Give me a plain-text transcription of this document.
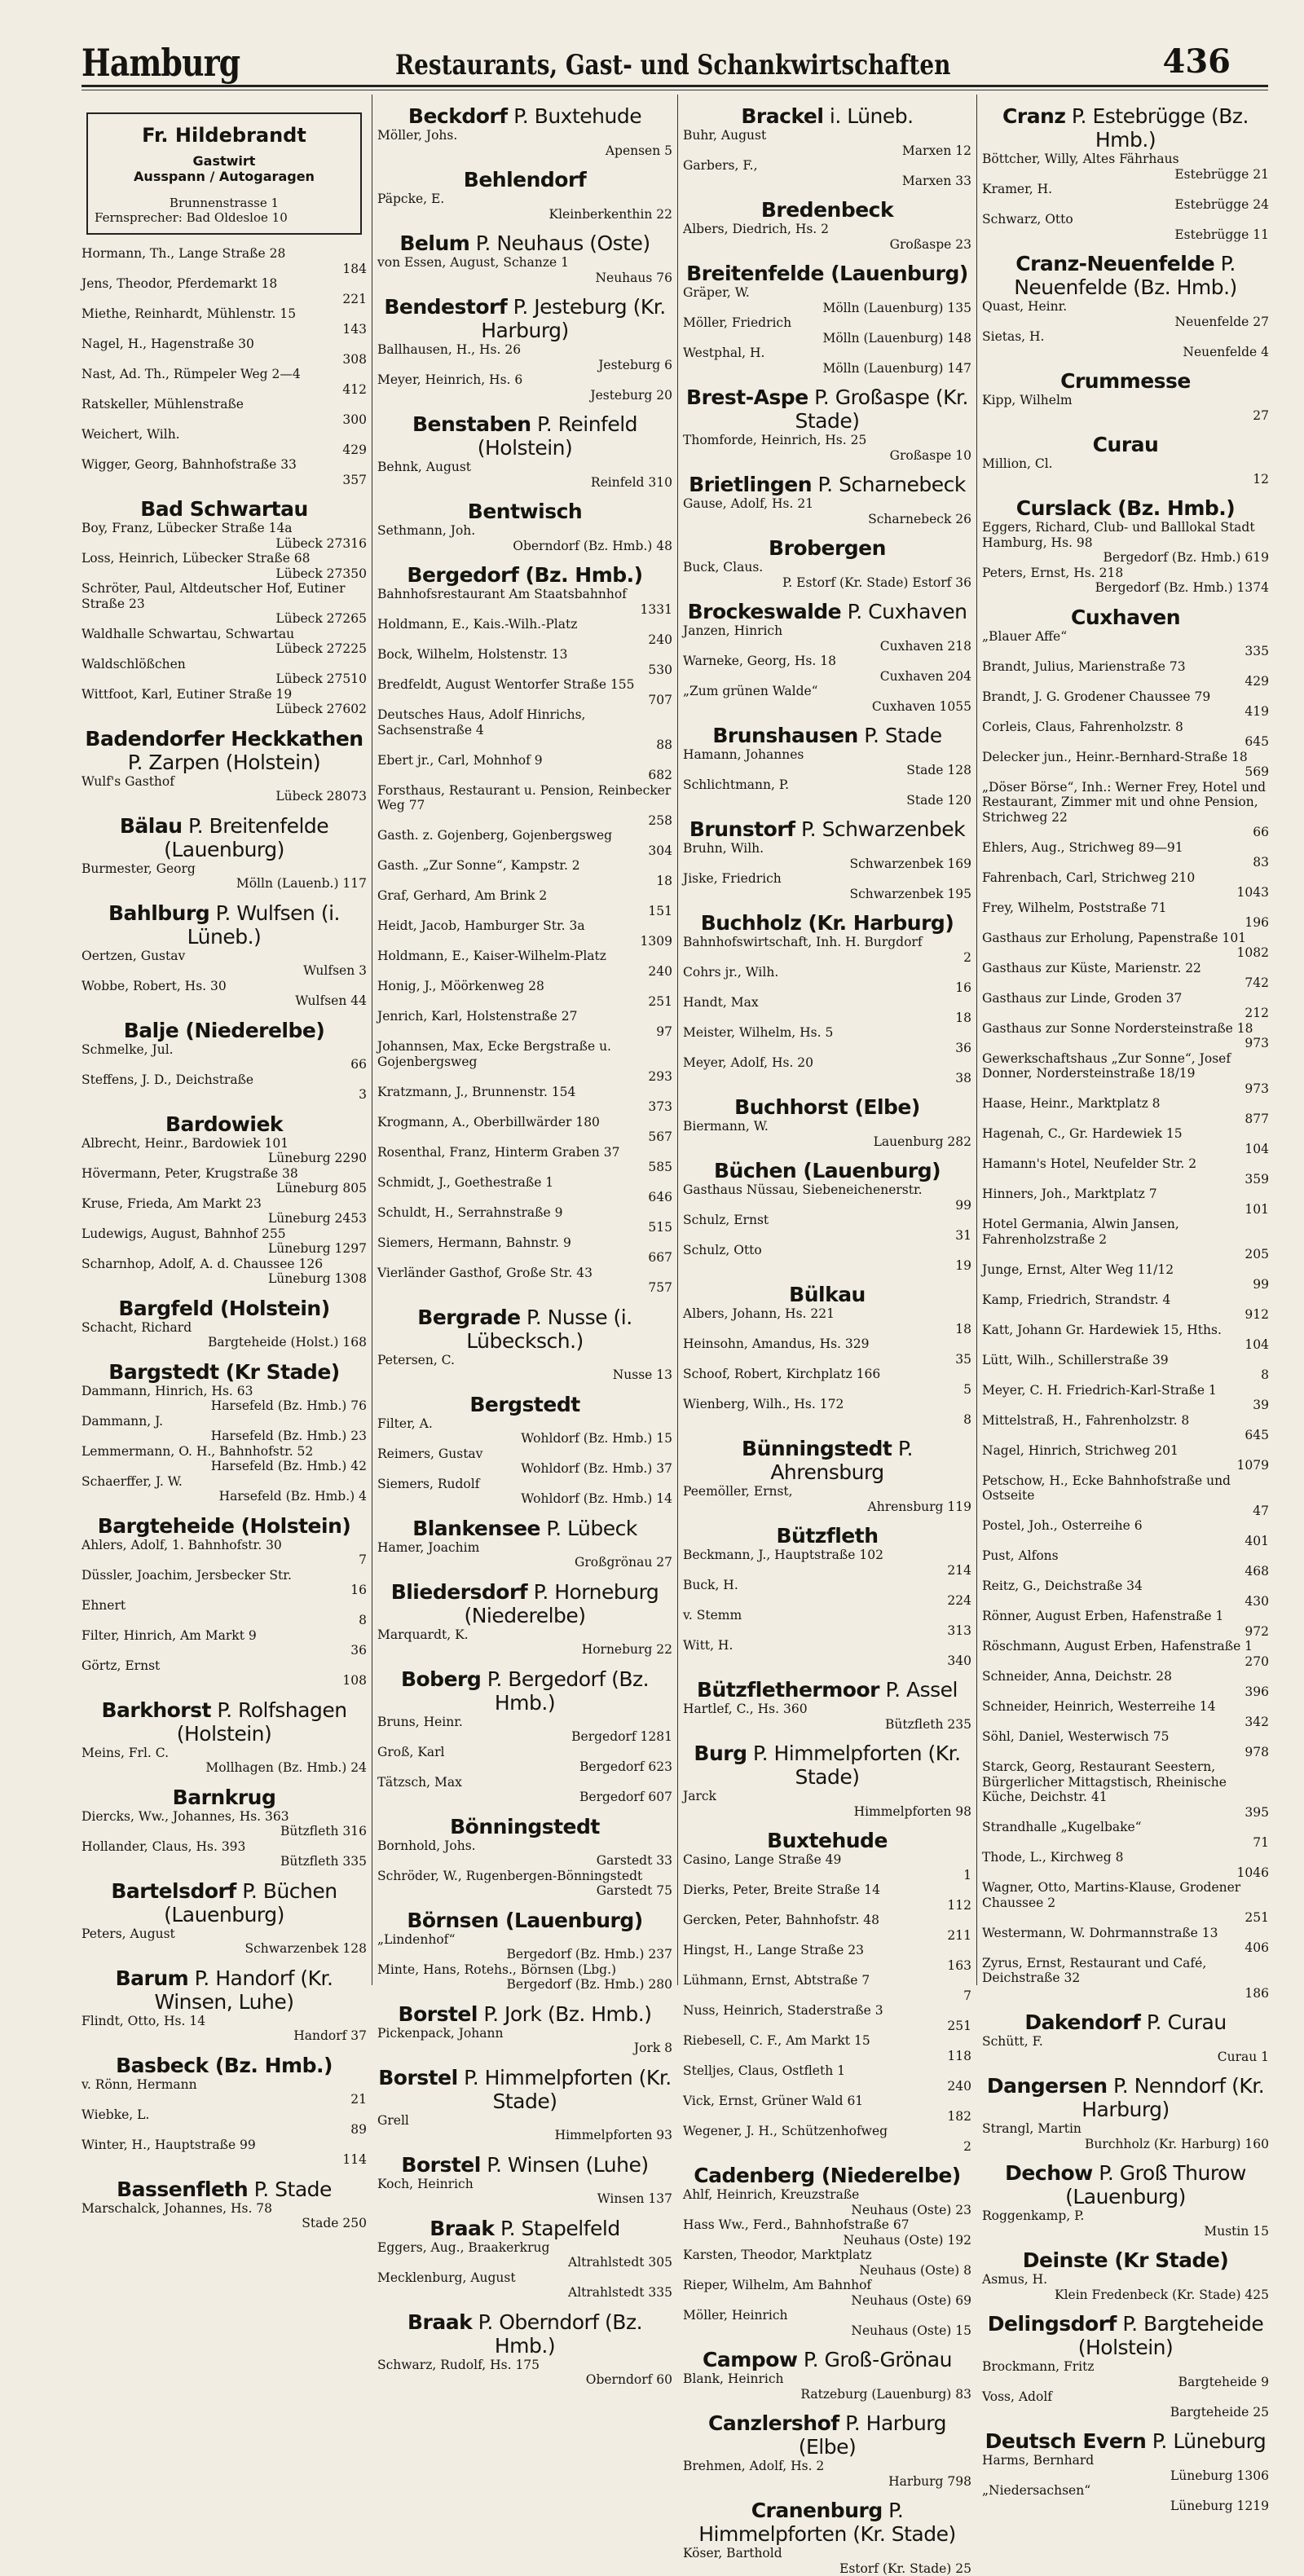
Hamburg	Restaurants, Gast- und Schankwirtschaften	436
Fr. Hildebrandt
Gastwirt
Ausspann / Autogaragen
Brunnenstrasse 1
Fernsprecher: Bad Oldesloe 10
Hormann, Th., Lange Straße 28
184
Jens, Theodor, Pferdemarkt 18
221
Miethe, Reinhardt, Mühlenstr. 15
143
Nagel, H., Hagenstraße 30
308
Nast, Ad. Th., Rümpeler Weg 2—4
412
Ratskeller, Mühlenstraße
300
Weichert, Wilh.
429
Wigger, Georg, Bahnhofstraße 33
357
Bad Schwartau
Boy, Franz, Lübecker Straße 14a
Lübeck 27316
Loss, Heinrich, Lübecker Straße 68
Lübeck 27350
Schröter, Paul, Altdeutscher Hof, Eutiner Straße 23
Lübeck 27265
Waldhalle Schwartau, Schwartau
Lübeck 27225
Waldschlößchen
Lübeck 27510
Wittfoot, Karl, Eutiner Straße 19
Lübeck 27602
Badendorfer Heckkathen P. Zarpen (Holstein)
Wulf's Gasthof
Lübeck 28073
Bälau P. Breitenfelde (Lauenburg)
Burmester, Georg
Mölln (Lauenb.) 117
Bahlburg P. Wulfsen (i. Lüneb.)
Oertzen, Gustav
Wulfsen 3
Wobbe, Robert, Hs. 30
Wulfsen 44
Balje (Niederelbe)
Schmelke, Jul.
66
Steffens, J. D., Deichstraße
3
Bardowiek
Albrecht, Heinr., Bardowiek 101
Lüneburg 2290
Hövermann, Peter, Krugstraße 38
Lüneburg 805
Kruse, Frieda, Am Markt 23
Lüneburg 2453
Ludewigs, August, Bahnhof 255
Lüneburg 1297
Scharnhop, Adolf, A. d. Chaussee 126
Lüneburg 1308
Bargfeld (Holstein)
Schacht, Richard
Bargteheide (Holst.) 168
Bargstedt (Kr Stade)
Dammann, Hinrich, Hs. 63
Harsefeld (Bz. Hmb.) 76
Dammann, J.
Harsefeld (Bz. Hmb.) 23
Lemmermann, O. H., Bahnhofstr. 52
Harsefeld (Bz. Hmb.) 42
Schaerffer, J. W.
Harsefeld (Bz. Hmb.) 4
Bargteheide (Holstein)
Ahlers, Adolf, 1. Bahnhofstr. 30
7
Düssler, Joachim, Jersbecker Str.
16
Ehnert
8
Filter, Hinrich, Am Markt 9
36
Görtz, Ernst
108
Barkhorst P. Rolfshagen (Holstein)
Meins, Frl. C.
Mollhagen (Bz. Hmb.) 24
Barnkrug
Diercks, Ww., Johannes, Hs. 363
Bützfleth 316
Hollander, Claus, Hs. 393
Bützfleth 335
Bartelsdorf P. Büchen (Lauenburg)
Peters, August
Schwarzenbek 128
Barum P. Handorf (Kr. Winsen, Luhe)
Flindt, Otto, Hs. 14
Handorf 37
Basbeck (Bz. Hmb.)
v. Rönn, Hermann
21
Wiebke, L.
89
Winter, H., Hauptstraße 99
114
Bassenfleth P. Stade
Marschalck, Johannes, Hs. 78
Stade 250
Beckdorf P. Buxtehude
Möller, Johs.
Apensen 5
Behlendorf
Päpcke, E.
Kleinberkenthin 22
Belum P. Neuhaus (Oste)
von Essen, August, Schanze 1
Neuhaus 76
Bendestorf P. Jesteburg (Kr. Harburg)
Ballhausen, H., Hs. 26
Jesteburg 6
Meyer, Heinrich, Hs. 6
Jesteburg 20
Benstaben P. Reinfeld (Holstein)
Behnk, August
Reinfeld 310
Bentwisch
Sethmann, Joh.
Oberndorf (Bz. Hmb.) 48
Bergedorf (Bz. Hmb.)
Bahnhofsrestaurant Am Staatsbahnhof
1331
Holdmann, E., Kais.-Wilh.-Platz
240
Bock, Wilhelm, Holstenstr. 13
530
Bredfeldt, August Wentorfer Straße 155
707
Deutsches Haus, Adolf Hinrichs, Sachsenstraße 4
88
Ebert jr., Carl, Mohnhof 9
682
Forsthaus, Restaurant u. Pension, Reinbecker Weg 77
258
Gasth. z. Gojenberg, Gojenbergsweg
304
Gasth. „Zur Sonne“, Kampstr. 2
18
Graf, Gerhard, Am Brink 2
151
Heidt, Jacob, Hamburger Str. 3a
1309
Holdmann, E., Kaiser-Wilhelm-Platz
240
Honig, J., Möörkenweg 28
251
Jenrich, Karl, Holstenstraße 27
97
Johannsen, Max, Ecke Bergstraße u. Gojenbergsweg
293
Kratzmann, J., Brunnenstr. 154
373
Krogmann, A., Oberbillwärder 180
567
Rosenthal, Franz, Hinterm Graben 37
585
Schmidt, J., Goethestraße 1
646
Schuldt, H., Serrahnstraße 9
515
Siemers, Hermann, Bahnstr. 9
667
Vierländer Gasthof, Große Str. 43
757
Bergrade P. Nusse (i. Lübecksch.)
Petersen, C.
Nusse 13
Bergstedt
Filter, A.
Wohldorf (Bz. Hmb.) 15
Reimers, Gustav
Wohldorf (Bz. Hmb.) 37
Siemers, Rudolf
Wohldorf (Bz. Hmb.) 14
Blankensee P. Lübeck
Hamer, Joachim
Großgrönau 27
Bliedersdorf P. Horneburg (Niederelbe)
Marquardt, K.
Horneburg 22
Boberg P. Bergedorf (Bz. Hmb.)
Bruns, Heinr.
Bergedorf 1281
Groß, Karl
Bergedorf 623
Tätzsch, Max
Bergedorf 607
Bönningstedt
Bornhold, Johs.
Garstedt 33
Schröder, W., Rugenbergen-Bönningstedt
Garstedt 75
Börnsen (Lauenburg)
„Lindenhof“
Bergedorf (Bz. Hmb.) 237
Minte, Hans, Rotehs., Börnsen (Lbg.)
Bergedorf (Bz. Hmb.) 280
Borstel P. Jork (Bz. Hmb.)
Pickenpack, Johann
Jork 8
Borstel P. Himmelpforten (Kr. Stade)
Grell
Himmelpforten 93
Borstel P. Winsen (Luhe)
Koch, Heinrich
Winsen 137
Braak P. Stapelfeld
Eggers, Aug., Braakerkrug
Altrahlstedt 305
Mecklenburg, August
Altrahlstedt 335
Braak P. Oberndorf (Bz. Hmb.)
Schwarz, Rudolf, Hs. 175
Oberndorf 60
Brackel i. Lüneb.
Buhr, August
Marxen 12
Garbers, F.,
Marxen 33
Bredenbeck
Albers, Diedrich, Hs. 2
Großaspe 23
Breitenfelde (Lauenburg)
Gräper, W.
Mölln (Lauenburg) 135
Möller, Friedrich
Mölln (Lauenburg) 148
Westphal, H.
Mölln (Lauenburg) 147
Brest-Aspe P. Großaspe (Kr. Stade)
Thomforde, Heinrich, Hs. 25
Großaspe 10
Brietlingen P. Scharnebeck
Gause, Adolf, Hs. 21
Scharnebeck 26
Brobergen
Buck, Claus.
P. Estorf (Kr. Stade) Estorf 36
Brockeswalde P. Cuxhaven
Janzen, Hinrich
Cuxhaven 218
Warneke, Georg, Hs. 18
Cuxhaven 204
„Zum grünen Walde“
Cuxhaven 1055
Brunshausen P. Stade
Hamann, Johannes
Stade 128
Schlichtmann, P.
Stade 120
Brunstorf P. Schwarzenbek
Bruhn, Wilh.
Schwarzenbek 169
Jiske, Friedrich
Schwarzenbek 195
Buchholz (Kr. Harburg)
Bahnhofswirtschaft, Inh. H. Burgdorf
2
Cohrs jr., Wilh.
16
Handt, Max
18
Meister, Wilhelm, Hs. 5
36
Meyer, Adolf, Hs. 20
38
Buchhorst (Elbe)
Biermann, W.
Lauenburg 282
Büchen (Lauenburg)
Gasthaus Nüssau, Siebeneichenerstr.
99
Schulz, Ernst
31
Schulz, Otto
19
Bülkau
Albers, Johann, Hs. 221
18
Heinsohn, Amandus, Hs. 329
35
Schoof, Robert, Kirchplatz 166
5
Wienberg, Wilh., Hs. 172
8
Bünningstedt P. Ahrensburg
Peemöller, Ernst,
Ahrensburg 119
Bützfleth
Beckmann, J., Hauptstraße 102
214
Buck, H.
224
v. Stemm
313
Witt, H.
340
Bützflethermoor P. Assel
Hartlef, C., Hs. 360
Bützfleth 235
Burg P. Himmelpforten (Kr. Stade)
Jarck
Himmelpforten 98
Buxtehude
Casino, Lange Straße 49
1
Dierks, Peter, Breite Straße 14
112
Gercken, Peter, Bahnhofstr. 48
211
Hingst, H., Lange Straße 23
163
Lühmann, Ernst, Abtstraße 7
7
Nuss, Heinrich, Staderstraße 3
251
Riebesell, C. F., Am Markt 15
118
Stelljes, Claus, Ostfleth 1
240
Vick, Ernst, Grüner Wald 61
182
Wegener, J. H., Schützenhofweg
2
Cadenberg (Niederelbe)
Ahlf, Heinrich, Kreuzstraße
Neuhaus (Oste) 23
Hass Ww., Ferd., Bahnhofstraße 67
Neuhaus (Oste) 192
Karsten, Theodor, Marktplatz
Neuhaus (Oste) 8
Rieper, Wilhelm, Am Bahnhof
Neuhaus (Oste) 69
Möller, Heinrich
Neuhaus (Oste) 15
Campow P. Groß-Grönau
Blank, Heinrich
Ratzeburg (Lauenburg) 83
Canzlershof P. Harburg (Elbe)
Brehmen, Adolf, Hs. 2
Harburg 798
Cranenburg P. Himmelpforten (Kr. Stade)
Köser, Barthold
Estorf (Kr. Stade) 25
Cranz P. Estebrügge (Bz. Hmb.)
Böttcher, Willy, Altes Fährhaus
Estebrügge 21
Kramer, H.
Estebrügge 24
Schwarz, Otto
Estebrügge 11
Cranz-Neuenfelde P. Neuenfelde (Bz. Hmb.)
Quast, Heinr.
Neuenfelde 27
Sietas, H.
Neuenfelde 4
Crummesse
Kipp, Wilhelm
27
Curau
Million, Cl.
12
Curslack (Bz. Hmb.)
Eggers, Richard, Club- und Balllokal Stadt Hamburg, Hs. 98
Bergedorf (Bz. Hmb.) 619
Peters, Ernst, Hs. 218
Bergedorf (Bz. Hmb.) 1374
Cuxhaven
„Blauer Affe“
335
Brandt, Julius, Marienstraße 73
429
Brandt, J. G. Grodener Chaussee 79
419
Corleis, Claus, Fahrenholzstr. 8
645
Delecker jun., Heinr.-Bernhard-Straße 18
569
„Döser Börse“, Inh.: Werner Frey, Hotel und Restaurant, Zimmer mit und ohne Pension, Strichweg 22
66
Ehlers, Aug., Strichweg 89—91
83
Fahrenbach, Carl, Strichweg 210
1043
Frey, Wilhelm, Poststraße 71
196
Gasthaus zur Erholung, Papenstraße 101
1082
Gasthaus zur Küste, Marienstr. 22
742
Gasthaus zur Linde, Groden 37
212
Gasthaus zur Sonne Nordersteinstraße 18
973
Gewerkschaftshaus „Zur Sonne“, Josef Donner, Nordersteinstraße 18/19
973
Haase, Heinr., Marktplatz 8
877
Hagenah, C., Gr. Hardewiek 15
104
Hamann's Hotel, Neufelder Str. 2
359
Hinners, Joh., Marktplatz 7
101
Hotel Germania, Alwin Jansen, Fahrenholzstraße 2
205
Junge, Ernst, Alter Weg 11/12
99
Kamp, Friedrich, Strandstr. 4
912
Katt, Johann Gr. Hardewiek 15, Hths.
104
Lütt, Wilh., Schillerstraße 39
8
Meyer, C. H. Friedrich-Karl-Straße 1
39
Mittelstraß, H., Fahrenholzstr. 8
645
Nagel, Hinrich, Strichweg 201
1079
Petschow, H., Ecke Bahnhofstraße und Ostseite
47
Postel, Joh., Osterreihe 6
401
Pust, Alfons
468
Reitz, G., Deichstraße 34
430
Rönner, August Erben, Hafenstraße 1
972
Röschmann, August Erben, Hafenstraße 1
270
Schneider, Anna, Deichstr. 28
396
Schneider, Heinrich, Westerreihe 14
342
Söhl, Daniel, Westerwisch 75
978
Starck, Georg, Restaurant Seestern, Bürgerlicher Mittagstisch, Rheinische Küche, Deichstr. 41
395
Strandhalle „Kugelbake“
71
Thode, L., Kirchweg 8
1046
Wagner, Otto, Martins-Klause, Grodener Chaussee 2
251
Westermann, W. Dohrmannstraße 13
406
Zyrus, Ernst, Restaurant und Café, Deichstraße 32
186
Dakendorf P. Curau
Schütt, F.
Curau 1
Dangersen P. Nenndorf (Kr. Harburg)
Strangl, Martin
Burchholz (Kr. Harburg) 160
Dechow P. Groß Thurow (Lauenburg)
Roggenkamp, P.
Mustin 15
Deinste (Kr Stade)
Asmus, H.
Klein Fredenbeck (Kr. Stade) 425
Delingsdorf P. Bargteheide (Holstein)
Brockmann, Fritz
Bargteheide 9
Voss, Adolf
Bargteheide 25
Deutsch Evern P. Lüneburg
Harms, Bernhard
Lüneburg 1306
„Niedersachsen“
Lüneburg 1219
